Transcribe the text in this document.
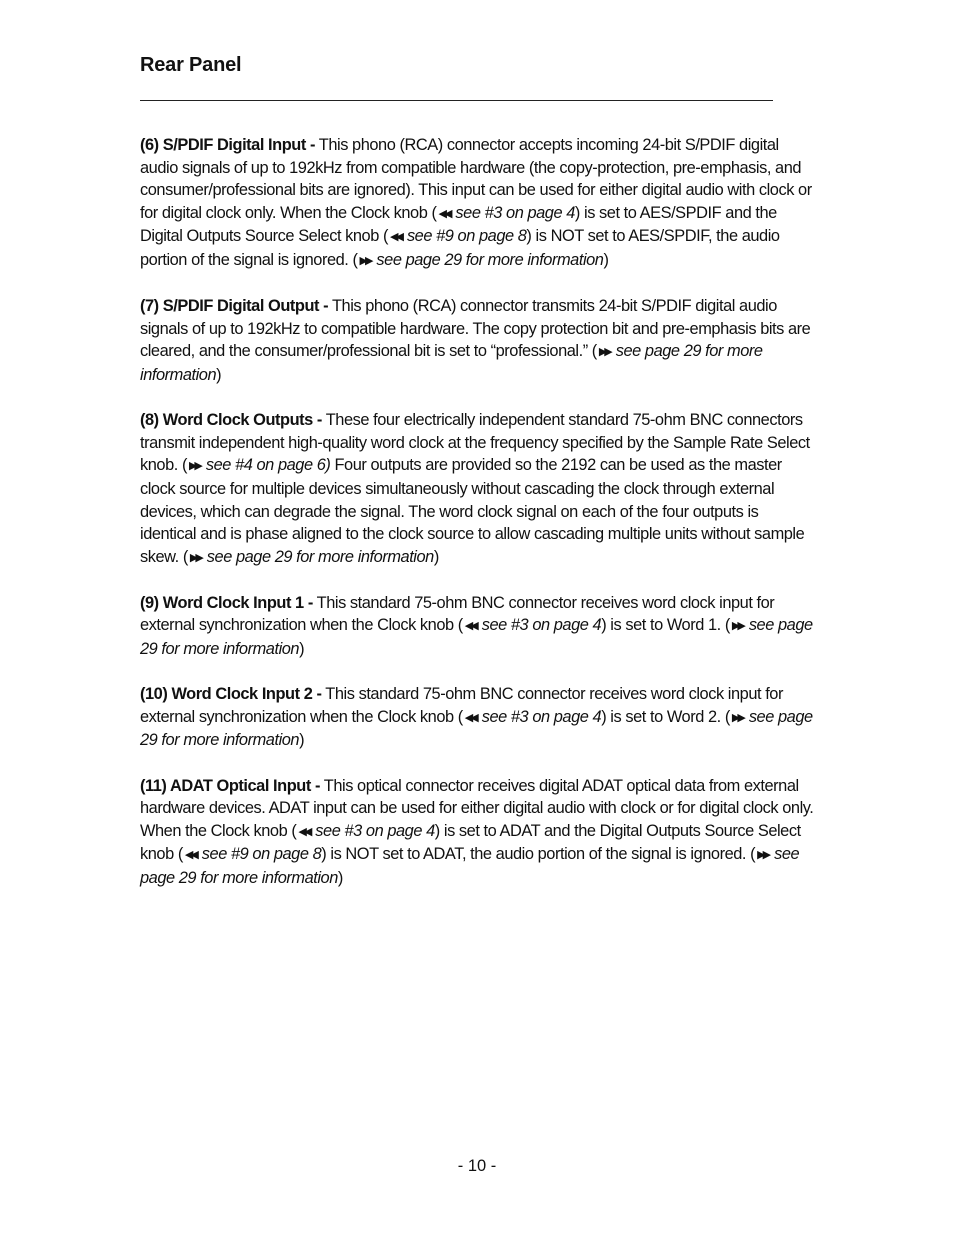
Rear Panel

(6) S/PDIF Digital Input - This phono (RCA) connector accepts incoming 24-bit S/PDIF digital audio signals of up to 192kHz from compatible hardware (the copy-protection, pre-emphasis, and consumer/professional bits are ignored). This input can be used for either digital audio with clock or for digital clock only. When the Clock knob ( ◀◀ see #3 on page 4) is set to AES/SPDIF and the Digital Outputs Source Select knob ( ◀◀ see #9 on page 8) is NOT set to AES/SPDIF, the audio portion of the signal is ignored. ( ▶▶ see page 29 for more information)

(7) S/PDIF Digital Output - This phono (RCA) connector transmits 24-bit S/PDIF digital audio signals of up to 192kHz to compatible hardware. The copy protection bit and pre-emphasis bits are cleared, and the consumer/professional bit is set to “professional.” ( ▶▶ see page 29 for more information)

(8) Word Clock Outputs - These four electrically independent standard 75-ohm BNC connectors transmit independent high-quality word clock at the frequency specified by the Sample Rate Select knob. ( ▶▶ see #4 on page 6) Four outputs are provided so the 2192 can be used as the master clock source for multiple devices simultaneously without cascading the clock through external devices, which can degrade the signal. The word clock signal on each of the four outputs is identical and is phase aligned to the clock source to allow cascading multiple units without sample skew. ( ▶▶ see page 29 for more information)

(9) Word Clock Input 1 - This standard 75-ohm BNC connector receives word clock input for external synchronization when the Clock knob ( ◀◀ see #3 on page 4) is set to Word 1. ( ▶▶ see page 29 for more information)

(10) Word Clock Input 2 - This standard 75-ohm BNC connector receives word clock input for external synchronization when the Clock knob ( ◀◀ see #3 on page 4) is set to Word 2. ( ▶▶ see page 29 for more information)

(11) ADAT Optical Input - This optical connector receives digital ADAT optical data from external hardware devices. ADAT input can be used for either digital audio with clock or for digital clock only. When the Clock knob ( ◀◀ see #3 on page 4) is set to ADAT and the Digital Outputs Source Select knob ( ◀◀ see #9 on page 8) is NOT set to ADAT, the audio portion of the signal is ignored. ( ▶▶ see page 29 for more information)

- 10 -
